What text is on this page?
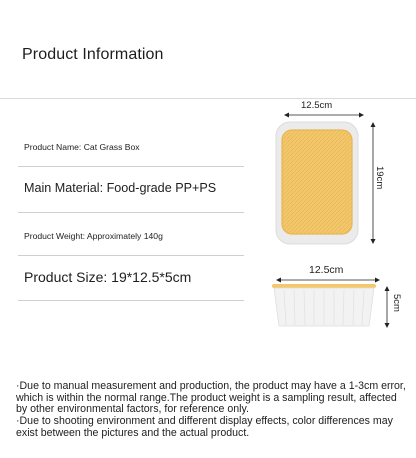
Product Information
Product Name: Cat Grass Box
Main Material: Food-grade PP+PS
Product Weight: Approximately 140g
Product Size: 19*12.5*5cm
12.5cm
19cm
12.5cm
5cm
·Due to manual measurement and production, the product may have a 1-3cm error, which is within the normal range.The product weight is a sampling result, affected by other environmental factors, for reference only.
·Due to shooting environment and different display effects, color differences may exist between the pictures and the actual product.
